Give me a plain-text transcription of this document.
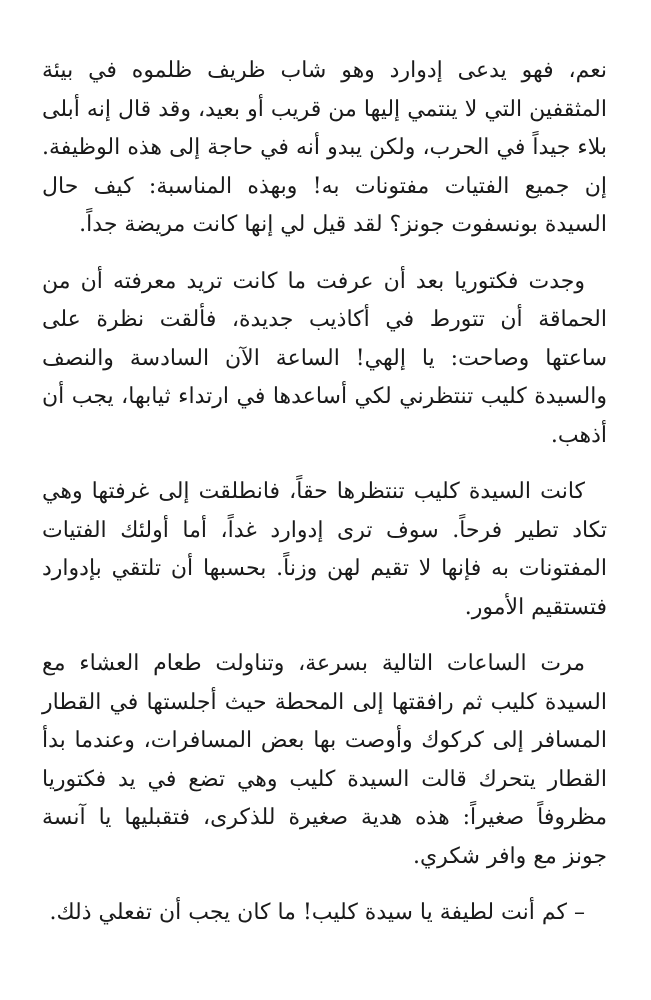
نعم، فهو يدعى إدوارد وهو شاب ظريف ظلموه في بيئة المثقفين التي لا ينتمي إليها من قريب أو بعيد، وقد قال إنه أبلى بلاء جيداً في الحرب، ولكن يبدو أنه في حاجة إلى هذه الوظيفة. إن جميع الفتيات مفتونات به! وبهذه المناسبة: كيف حال السيدة بونسفوت جونز؟ لقد قيل لي إنها كانت مريضة جداً.

وجدت فكتوريا بعد أن عرفت ما كانت تريد معرفته أن من الحماقة أن تتورط في أكاذيب جديدة، فألقت نظرة على ساعتها وصاحت: يا إلهي! الساعة الآن السادسة والنصف والسيدة كليب تنتظرني لكي أساعدها في ارتداء ثيابها، يجب أن أذهب.

كانت السيدة كليب تنتظرها حقاً، فانطلقت إلى غرفتها وهي تكاد تطير فرحاً. سوف ترى إدوارد غداً، أما أولئك الفتيات المفتونات به فإنها لا تقيم لهن وزناً. بحسبها أن تلتقي بإدوارد فتستقيم الأمور.

مرت الساعات التالية بسرعة، وتناولت طعام العشاء مع السيدة كليب ثم رافقتها إلى المحطة حيث أجلستها في القطار المسافر إلى كركوك وأوصت بها بعض المسافرات، وعندما بدأ القطار يتحرك قالت السيدة كليب وهي تضع في يد فكتوريا مظروفاً صغيراً: هذه هدية صغيرة للذكرى، فتقبليها يا آنسة جونز مع وافر شكري.

– كم أنت لطيفة يا سيدة كليب! ما كان يجب أن تفعلي ذلك.
